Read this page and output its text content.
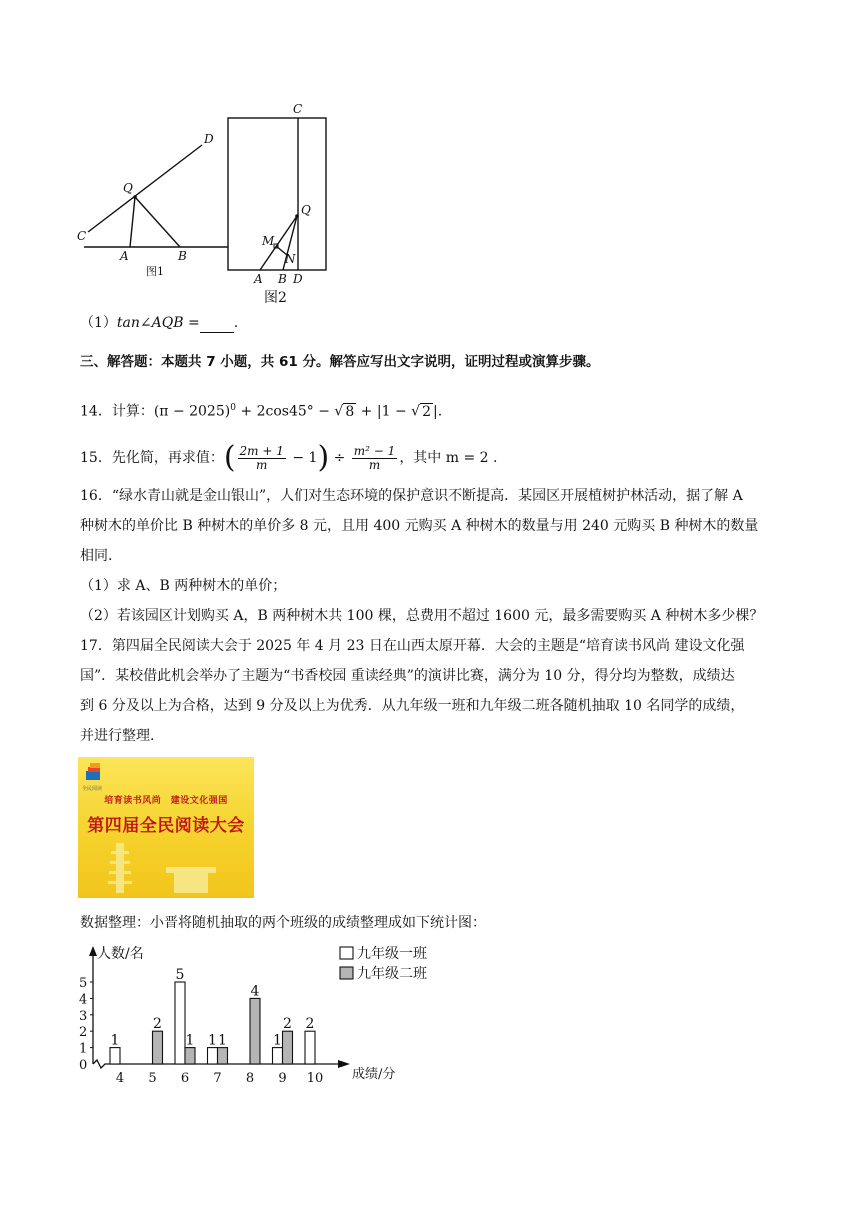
D
Q
C
A	B
C
Q
M
N
A B D
图1
图2
（1）tan∠AQB = .
三、解答题：本题共 7 小题，共 61 分。解答应写出文字说明，证明过程或演算步骤。
14．计算：$(\pi - 2025)^0 + 2\cos 45^\circ$ − √ 8 + |1 − √ 2 |.
15．先化简，再求值：( $\frac{2m + 1}{m} - 1) \div \frac{\text{m² − 1}}{m}$ ，其中 m = 2 .
16．“绿水青山就是金山银山”，人们对生态环境的保护意识不断提高．某园区开展植树护林活动，据了解 A
种树木的单价比 B 种树木的单价多 8 元，且用 400 元购买 A 种树木的数量与用 240 元购买 B 种树木的数量
相同.
（1）求 A、B 两种树木的单价；
（2）若该园区计划购买 A，B 两种树木共 100 棵，总费用不超过 1600 元，最多需要购买 A 种树木多少棵？
17．第四届全民阅读大会于 2025 年 4 月 23 日在山西太原开幕．大会的主题是“培育读书风尚 建设文化强
国”．某校借此机会举办了主题为“书香校园 重读经典”的演讲比赛，满分为 10 分，得分均为整数，成绩达
到 6 分及以上为合格，达到 9 分及以上为优秀．从九年级一班和九年级二班各随机抽取 10 名同学的成绩，
并进行整理.
全民阅读
培育读书风尚　建设文化强国
第四届全民阅读大会
数据整理：小晋将随机抽取的两个班级的成绩整理成如下统计图：
人数/名
成绩/分
0
1
2
3
4
5
4
1
5
2
6
5
1
7
1 1
8
4
9
1
2
10
2
九年级一班
九年级二班
